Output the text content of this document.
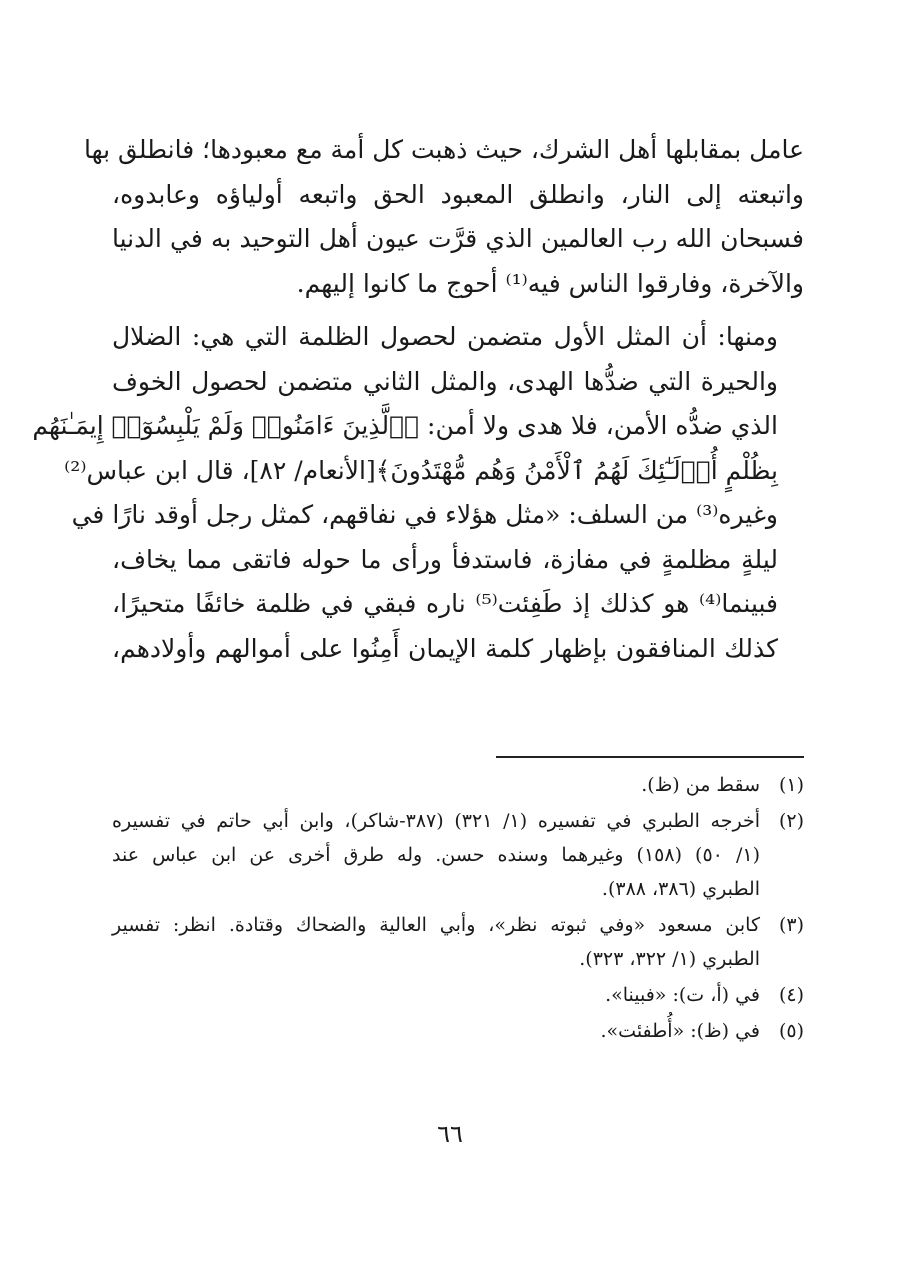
عامل بمقابلها أهل الشرك، حيث ذهبت كل أمة مع معبودها؛ فانطلق بها
واتبعته إلى النار، وانطلق المعبود الحق واتبعه أولياؤه وعابدوه،
فسبحان الله رب العالمين الذي قرَّت عيون أهل التوحيد به في الدنيا
والآخرة، وفارقوا الناس فيه⁽¹⁾ أحوج ما كانوا إليهم.

ومنها: أن المثل الأول متضمن لحصول الظلمة التي هي: الضلال
والحيرة التي ضدُّها الهدى، والمثل الثاني متضمن لحصول الخوف
الذي ضدُّه الأمن، فلا هدى ولا أمن: ﴿ٱلَّذِينَ ءَامَنُوا۟ وَلَمْ يَلْبِسُوٓا۟ إِيمَـٰنَهُم
بِظُلْمٍ أُو۟لَـٰٓئِكَ لَهُمُ ٱلْأَمْنُ وَهُم مُّهْتَدُونَ﴾[الأنعام/ ٨٢]، قال ابن عباس⁽²⁾
وغيره⁽³⁾ من السلف: «مثل هؤلاء في نفاقهم، كمثل رجل أوقد نارًا في
ليلةٍ مظلمةٍ في مفازة، فاستدفأ ورأى ما حوله فاتقى مما يخاف،
فبينما⁽⁴⁾ هو كذلك إذ طَفِئت⁽⁵⁾ ناره فبقي في ظلمة خائفًا متحيرًا،
كذلك المنافقون بإظهار كلمة الإيمان أَمِنُوا على أموالهم وأولادهم،

(١)
سقط من (ظ).
(٢)
أخرجه الطبري في تفسيره (١/ ٣٢١) (٣٨٧-شاكر)، وابن أبي حاتم في تفسيره
(١/ ٥٠) (١٥٨) وغيرهما وسنده حسن. وله طرق أخرى عن ابن عباس عند
الطبري (٣٨٦، ٣٨٨).
(٣)
كابن مسعود «وفي ثبوته نظر»، وأبي العالية والضحاك وقتادة. انظر: تفسير
الطبري (١/ ٣٢٢، ٣٢٣).
(٤)
في (أ، ت): «فبينا».
(٥)
في (ظ): «أُطفئت».
٦٦
